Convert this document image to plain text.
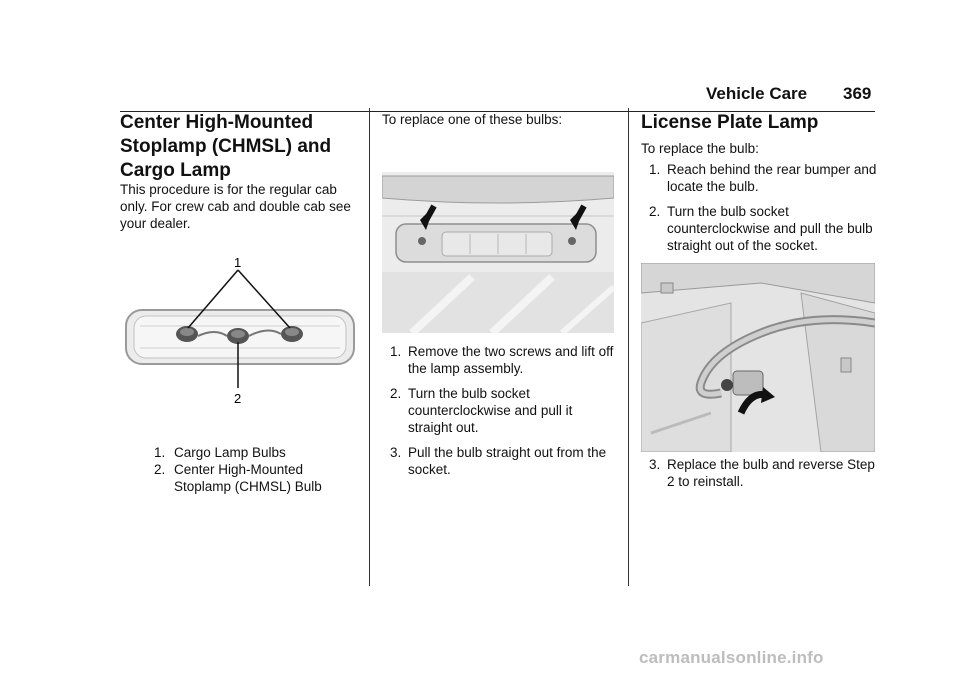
Vehicle Care 369
Center High-Mounted Stoplamp (CHMSL) and Cargo Lamp
This procedure is for the regular cab only. For crew cab and double cab see your dealer.
1
2
1. Cargo Lamp Bulbs
2. Center High-Mounted Stoplamp (CHMSL) Bulb
To replace one of these bulbs:
1. Remove the two screws and lift off the lamp assembly.
2. Turn the bulb socket counterclockwise and pull it straight out.
3. Pull the bulb straight out from the socket.
License Plate Lamp
To replace the bulb:
1. Reach behind the rear bumper and locate the bulb.
2. Turn the bulb socket counterclockwise and pull the bulb straight out of the socket.
3. Replace the bulb and reverse Step 2 to reinstall.
carmanualsonline.info
